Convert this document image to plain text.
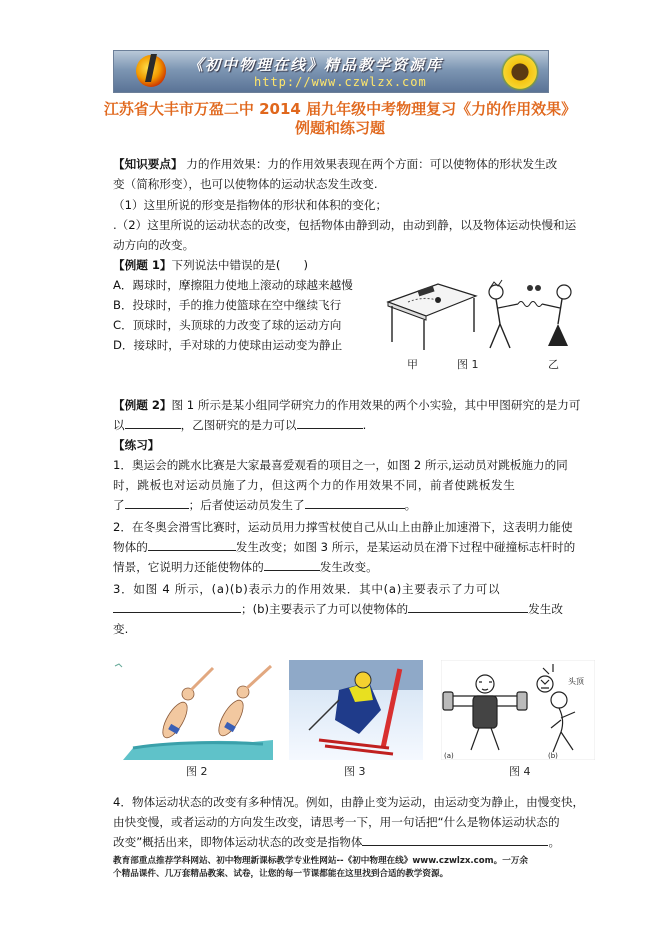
《初中物理在线》精品教学资源库
http://www.czwlzx.com
江苏省大丰市万盈二中 2014 届九年级中考物理复习《力的作用效果》
例题和练习题
【知识要点】 力的作用效果：力的作用效果表现在两个方面：可以使物体的形状发生改
变（简称形变），也可以使物体的运动状态发生改变.
（1）这里所说的形变是指物体的形状和体积的变化；
.（2）这里所说的运动状态的改变，包括物体由静到动，由动到静，以及物体运动快慢和运
动方向的改变。
【例题 1】下列说法中错误的是(　　)
A．踢球时，摩擦阻力使地上滚动的球越来越慢
B．投球时，手的推力使篮球在空中继续飞行
C．顶球时，头顶球的力改变了球的运动方向
D．接球时，手对球的力使球由运动变为静止
甲	图 1	乙
【例题 2】图 1 所示是某小组同学研究力的作用效果的两个小实验，其中甲图研究的是力可
以	，乙图研究的是力可以	.
【练习】
1．奥运会的跳水比赛是大家最喜爱观看的项目之一，如图 2 所示,运动员对跳板施力的同
时，跳板也对运动员施了力，但这两个力的作用效果不同，前者使跳板发生
了	；后者使运动员发生了	。
2．在冬奥会滑雪比赛时，运动员用力撑雪杖使自己从山上由静止加速滑下，这表明力能使
物体的	发生改变；如图 3 所示，是某运动员在滑下过程中碰撞标志杆时的
情景，它说明力还能使物体的	发生改变。
3．如图 4 所示，(a)(b)表示力的作用效果．其中(a)主要表示了力可以
；(b)主要表示了力可以使物体的	发生改
变.
(a)	(b)
头顶
图 2	图 3	图 4
4．物体运动状态的改变有多种情况。例如，由静止变为运动，由运动变为静止，由慢变快，
由快变慢，或者运动的方向发生改变，请思考一下，用一句话把“什么是物体运动状态的
改变”概括出来，即物体运动状态的改变是指物体	。
教育部重点推荐学科网站、初中物理新课标教学专业性网站--《初中物理在线》www.czwlzx.com。一万余
个精品课件、几万套精品教案、试卷，让您的每一节课都能在这里找到合适的教学资源。
